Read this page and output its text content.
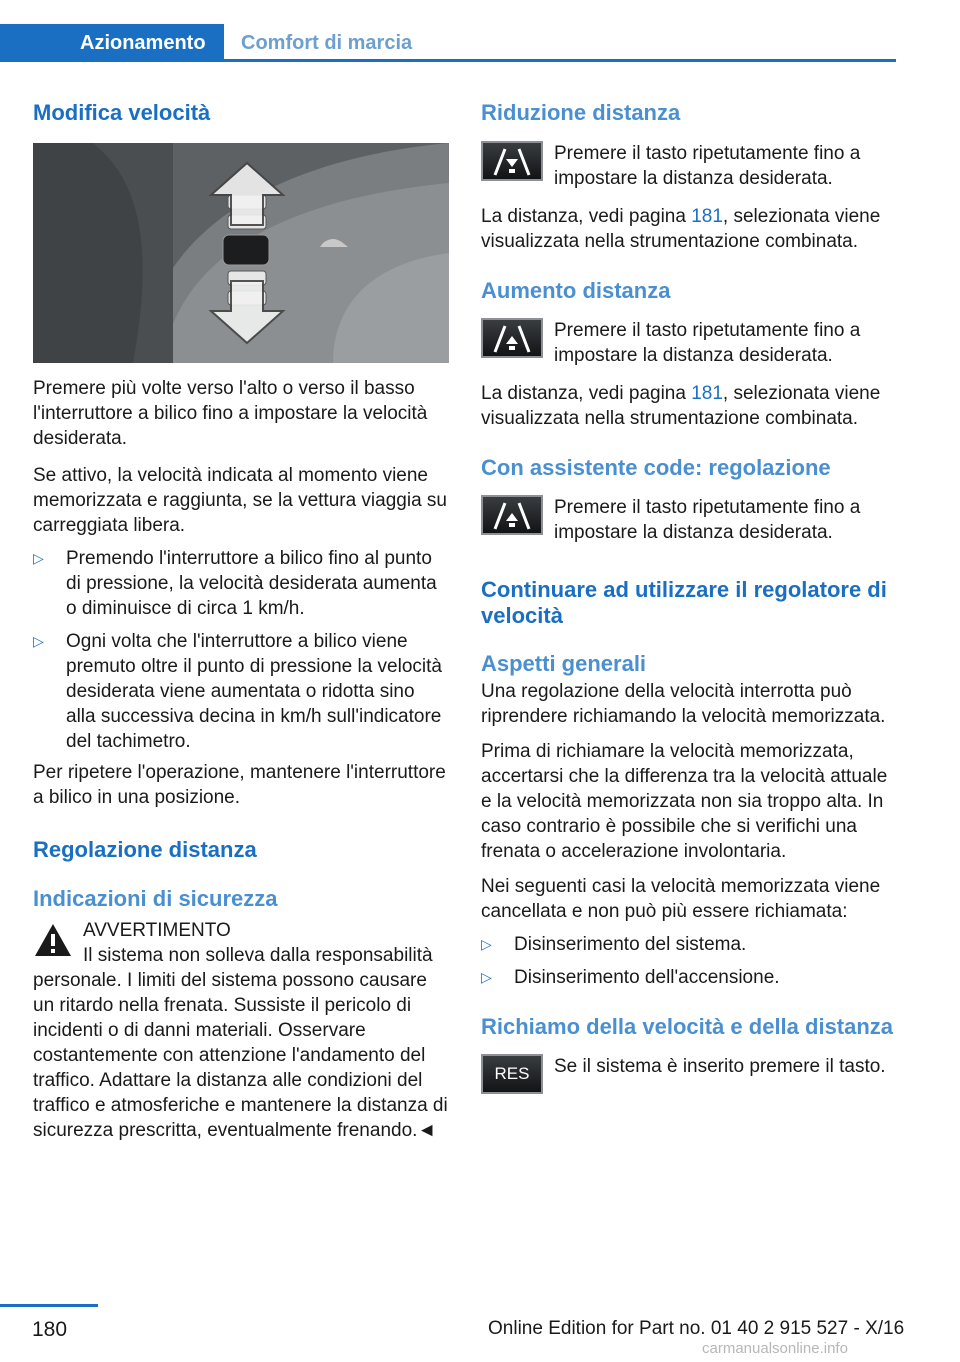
Azionamento	Comfort di marcia
Modifica velocità

Premere più volte verso l'alto o verso il basso l'interruttore a bilico fino a impostare la velocità desiderata.

Se attivo, la velocità indicata al momento viene memorizzata e raggiunta, se la vettura viaggia su carreggiata libera.

▷ Premendo l'interruttore a bilico fino al punto di pressione, la velocità desiderata aumenta o diminuisce di circa 1 km/h.
▷ Ogni volta che l'interruttore a bilico viene premuto oltre il punto di pressione la velocità desiderata viene aumentata o ridotta sino alla successiva decina in km/h sull'indicatore del tachimetro.

Per ripetere l'operazione, mantenere l'interruttore a bilico in una posizione.

Regolazione distanza
Indicazioni di sicurezza
AVVERTIMENTO

Il sistema non solleva dalla responsabilità

personale. I limiti del sistema possono causare un ritardo nella frenata. Sussiste il pericolo di incidenti o di danni materiali. Osservare costantemente con attenzione l'andamento del traffico. Adattare la distanza alle condizioni del traffico e atmosferiche e mantenere la distanza di sicurezza prescritta, eventualmente frenando.◄

Riduzione distanza
Premere il tasto ripetutamente fino a impostare la distanza desiderata.

La distanza, vedi pagina 181, selezionata viene visualizzata nella strumentazione combinata.

Aumento distanza
Premere il tasto ripetutamente fino a impostare la distanza desiderata.

La distanza, vedi pagina 181, selezionata viene visualizzata nella strumentazione combinata.

Con assistente code: regolazione
Premere il tasto ripetutamente fino a impostare la distanza desiderata.
Continuare ad utilizzare il regolatore di velocità
Aspetti generali

Una regolazione della velocità interrotta può riprendere richiamando la velocità memorizzata.

Prima di richiamare la velocità memorizzata, accertarsi che la differenza tra la velocità attuale e la velocità memorizzata non sia troppo alta. In caso contrario è possibile che si verifichi una frenata o accelerazione involontaria.

Nei seguenti casi la velocità memorizzata viene cancellata e non può più essere richiamata:

▷ Disinserimento del sistema.
▷ Disinserimento dell'accensione.
Richiamo della velocità e della distanza
RES	Se il sistema è inserito premere il tasto.
180	Online Edition for Part no. 01 40 2 915 527 - X/16
carmanualsonline.info
